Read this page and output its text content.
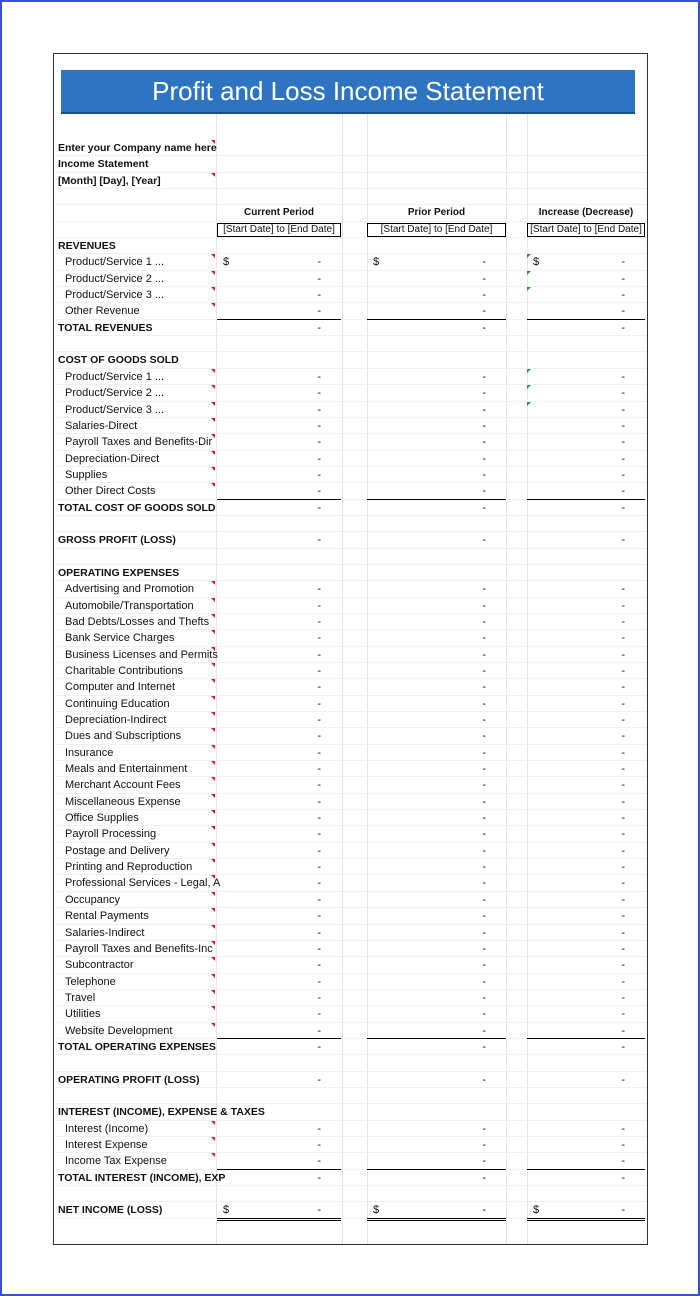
Profit and Loss Income Statement
Enter your Company name here
Income Statement
[Month] [Day], [Year]
Current Period	Prior Period	Increase (Decrease)
[Start Date] to [End Date]	[Start Date] to [End Date]	[Start Date] to [End Date]
REVENUES
Product/Service 1 ...	$	-	$	-	$	-
Product/Service 2 ...	-	-	-
Product/Service 3 ...	-	-	-
Other Revenue	-	-	-
TOTAL REVENUES	-	-	-
COST OF GOODS SOLD
Product/Service 1 ...	-	-	-
Product/Service 2 ...	-	-	-
Product/Service 3 ...	-	-	-
Salaries-Direct	-	-	-
Payroll Taxes and Benefits-Dir	-	-	-
Depreciation-Direct	-	-	-
Supplies	-	-	-
Other Direct Costs	-	-	-
TOTAL COST OF GOODS SOLD	-	-	-
GROSS PROFIT (LOSS)	-	-	-
OPERATING EXPENSES
Advertising and Promotion	-	-	-
Automobile/Transportation	-	-	-
Bad Debts/Losses and Thefts	-	-	-
Bank Service Charges	-	-	-
Business Licenses and Permits	-	-	-
Charitable Contributions	-	-	-
Computer and Internet	-	-	-
Continuing Education	-	-	-
Depreciation-Indirect	-	-	-
Dues and Subscriptions	-	-	-
Insurance	-	-	-
Meals and Entertainment	-	-	-
Merchant Account Fees	-	-	-
Miscellaneous Expense	-	-	-
Office Supplies	-	-	-
Payroll Processing	-	-	-
Postage and Delivery	-	-	-
Printing and Reproduction	-	-	-
Professional Services - Legal, A	-	-	-
Occupancy	-	-	-
Rental Payments	-	-	-
Salaries-Indirect	-	-	-
Payroll Taxes and Benefits-Inc	-	-	-
Subcontractor	-	-	-
Telephone	-	-	-
Travel	-	-	-
Utilities	-	-	-
Website Development	-	-	-
TOTAL OPERATING EXPENSES	-	-	-
OPERATING PROFIT (LOSS)	-	-	-
INTEREST (INCOME), EXPENSE & TAXES
Interest (Income)	-	-	-
Interest Expense	-	-	-
Income Tax Expense	-	-	-
TOTAL INTEREST (INCOME), EXP	-	-	-
NET INCOME (LOSS)	$	-	$	-	$	-
